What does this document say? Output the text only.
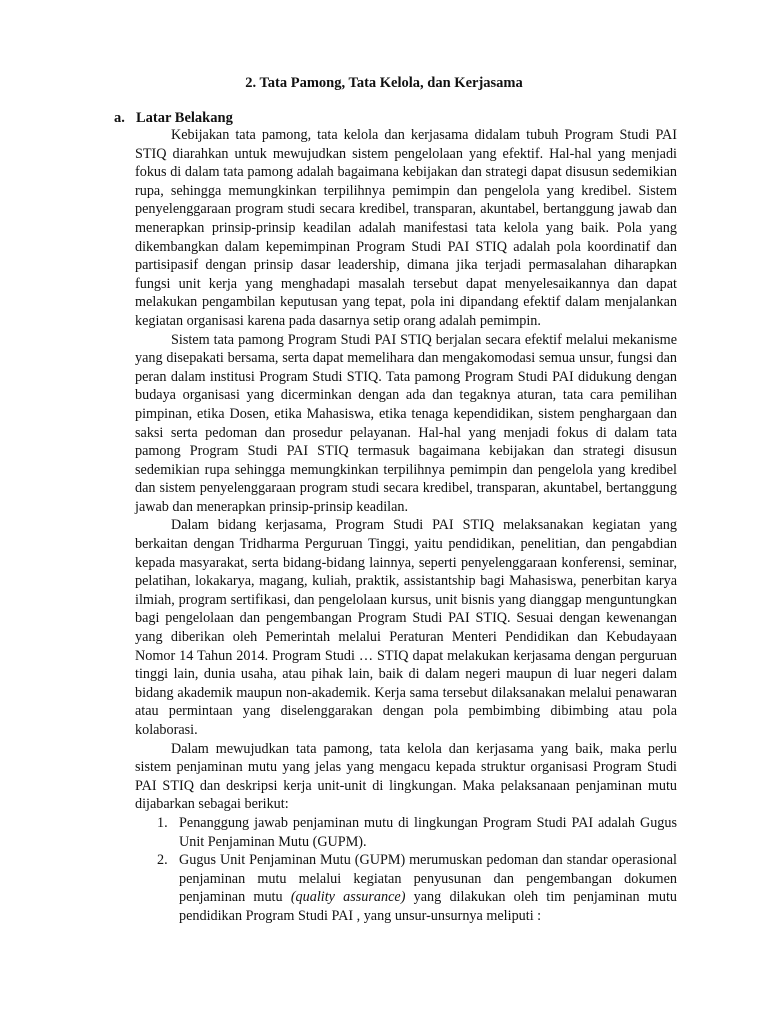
2. Tata Pamong, Tata Kelola, dan Kerjasama
a. Latar Belakang

Kebijakan tata pamong, tata kelola dan kerjasama didalam tubuh Program Studi PAI STIQ diarahkan untuk mewujudkan sistem pengelolaan yang efektif. Hal-hal yang menjadi fokus di dalam tata pamong adalah bagaimana kebijakan dan strategi dapat disusun sedemikian rupa, sehingga memungkinkan terpilihnya pemimpin dan pengelola yang kredibel. Sistem penyelenggaraan program studi secara kredibel, transparan, akuntabel, bertanggung jawab dan menerapkan prinsip-prinsip keadilan adalah manifestasi tata kelola yang baik. Pola yang dikembangkan dalam kepemimpinan Program Studi PAI STIQ adalah pola koordinatif dan partisipasif dengan prinsip dasar leadership, dimana jika terjadi permasalahan diharapkan fungsi unit kerja yang menghadapi masalah tersebut dapat menyelesaikannya dan dapat melakukan pengambilan keputusan yang tepat, pola ini dipandang efektif dalam menjalankan kegiatan organisasi karena pada dasarnya setip orang adalah pemimpin.

Sistem tata pamong Program Studi PAI STIQ berjalan secara efektif melalui mekanisme yang disepakati bersama, serta dapat memelihara dan mengakomodasi semua unsur, fungsi dan peran dalam institusi Program Studi STIQ. Tata pamong Program Studi PAI didukung dengan budaya organisasi yang dicerminkan dengan ada dan tegaknya aturan, tata cara pemilihan pimpinan, etika Dosen, etika Mahasiswa, etika tenaga kependidikan, sistem penghargaan dan saksi serta pedoman dan prosedur pelayanan. Hal-hal yang menjadi fokus di dalam tata pamong Program Studi PAI STIQ termasuk bagaimana kebijakan dan strategi disusun sedemikian rupa sehingga memungkinkan terpilihnya pemimpin dan pengelola yang kredibel dan sistem penyelenggaraan program studi secara kredibel, transparan, akuntabel, bertanggung jawab dan menerapkan prinsip-prinsip keadilan.

Dalam bidang kerjasama, Program Studi PAI STIQ melaksanakan kegiatan yang berkaitan dengan Tridharma Perguruan Tinggi, yaitu pendidikan, penelitian, dan pengabdian kepada masyarakat, serta bidang-bidang lainnya, seperti penyelenggaraan konferensi, seminar, pelatihan, lokakarya, magang, kuliah, praktik, assistantship bagi Mahasiswa, penerbitan karya ilmiah, program sertifikasi, dan pengelolaan kursus, unit bisnis yang dianggap menguntungkan bagi pengelolaan dan pengembangan Program Studi PAI STIQ. Sesuai dengan kewenangan yang diberikan oleh Pemerintah melalui Peraturan Menteri Pendidikan dan Kebudayaan Nomor 14 Tahun 2014. Program Studi … STIQ dapat melakukan kerjasama dengan perguruan tinggi lain, dunia usaha, atau pihak lain, baik di dalam negeri maupun di luar negeri dalam bidang akademik maupun non-akademik. Kerja sama tersebut dilaksanakan melalui penawaran atau permintaan yang diselenggarakan dengan pola pembimbing dibimbing atau pola kolaborasi.

Dalam mewujudkan tata pamong, tata kelola dan kerjasama yang baik, maka perlu sistem penjaminan mutu yang jelas yang mengacu kepada struktur organisasi Program Studi PAI STIQ dan deskripsi kerja unit-unit di lingkungan. Maka pelaksanaan penjaminan mutu dijabarkan sebagai berikut:

1. Penanggung jawab penjaminan mutu di lingkungan Program Studi PAI adalah Gugus Unit Penjaminan Mutu (GUPM).
2. Gugus Unit Penjaminan Mutu (GUPM) merumuskan pedoman dan standar operasional penjaminan mutu melalui kegiatan penyusunan dan pengembangan dokumen penjaminan mutu (quality assurance) yang dilakukan oleh tim penjaminan mutu pendidikan Program Studi PAI , yang unsur-unsurnya meliputi :
